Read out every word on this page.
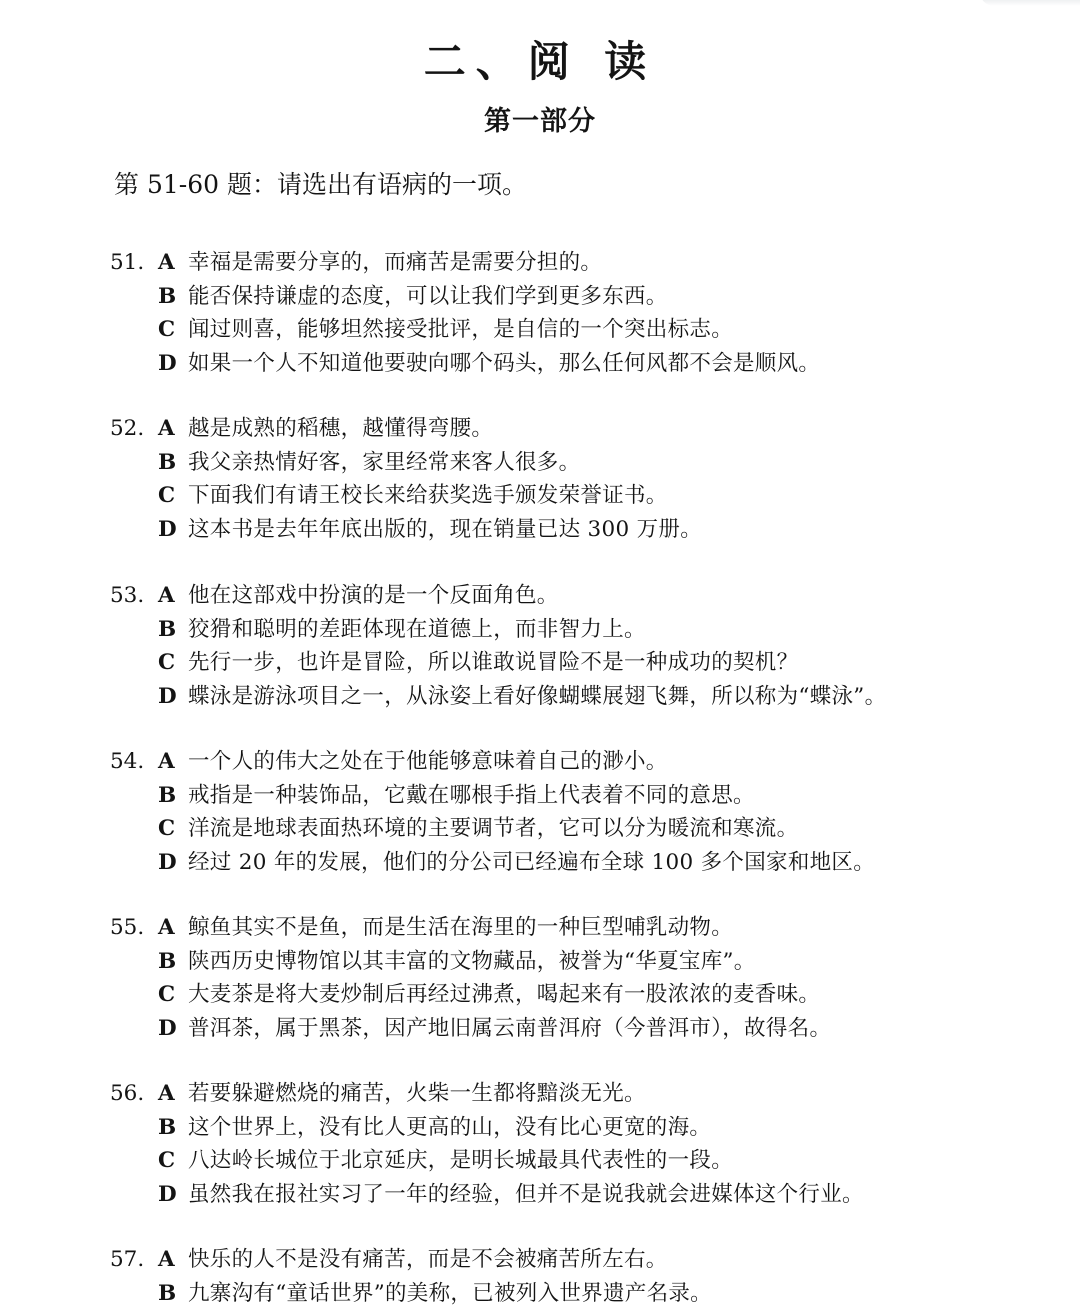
二、阅 读
第一部分
第 51-60 题：请选出有语病的一项。
51. A 幸福是需要分享的，而痛苦是需要分担的。
B 能否保持谦虚的态度，可以让我们学到更多东西。
C 闻过则喜，能够坦然接受批评，是自信的一个突出标志。
D 如果一个人不知道他要驶向哪个码头，那么任何风都不会是顺风。
52. A 越是成熟的稻穗，越懂得弯腰。
B 我父亲热情好客，家里经常来客人很多。
C 下面我们有请王校长来给获奖选手颁发荣誉证书。
D 这本书是去年年底出版的，现在销量已达 300 万册。
53. A 他在这部戏中扮演的是一个反面角色。
B 狡猾和聪明的差距体现在道德上，而非智力上。
C 先行一步，也许是冒险，所以谁敢说冒险不是一种成功的契机？
D 蝶泳是游泳项目之一，从泳姿上看好像蝴蝶展翅飞舞，所以称为“蝶泳”。
54. A 一个人的伟大之处在于他能够意味着自己的渺小。
B 戒指是一种装饰品，它戴在哪根手指上代表着不同的意思。
C 洋流是地球表面热环境的主要调节者，它可以分为暖流和寒流。
D 经过 20 年的发展，他们的分公司已经遍布全球 100 多个国家和地区。
55. A 鲸鱼其实不是鱼，而是生活在海里的一种巨型哺乳动物。
B 陕西历史博物馆以其丰富的文物藏品，被誉为“华夏宝库”。
C 大麦茶是将大麦炒制后再经过沸煮，喝起来有一股浓浓的麦香味。
D 普洱茶，属于黑茶，因产地旧属云南普洱府（今普洱市），故得名。
56. A 若要躲避燃烧的痛苦，火柴一生都将黯淡无光。
B 这个世界上，没有比人更高的山，没有比心更宽的海。
C 八达岭长城位于北京延庆，是明长城最具代表性的一段。
D 虽然我在报社实习了一年的经验，但并不是说我就会进媒体这个行业。
57. A 快乐的人不是没有痛苦，而是不会被痛苦所左右。
B 九寨沟有“童话世界”的美称，已被列入世界遗产名录。
